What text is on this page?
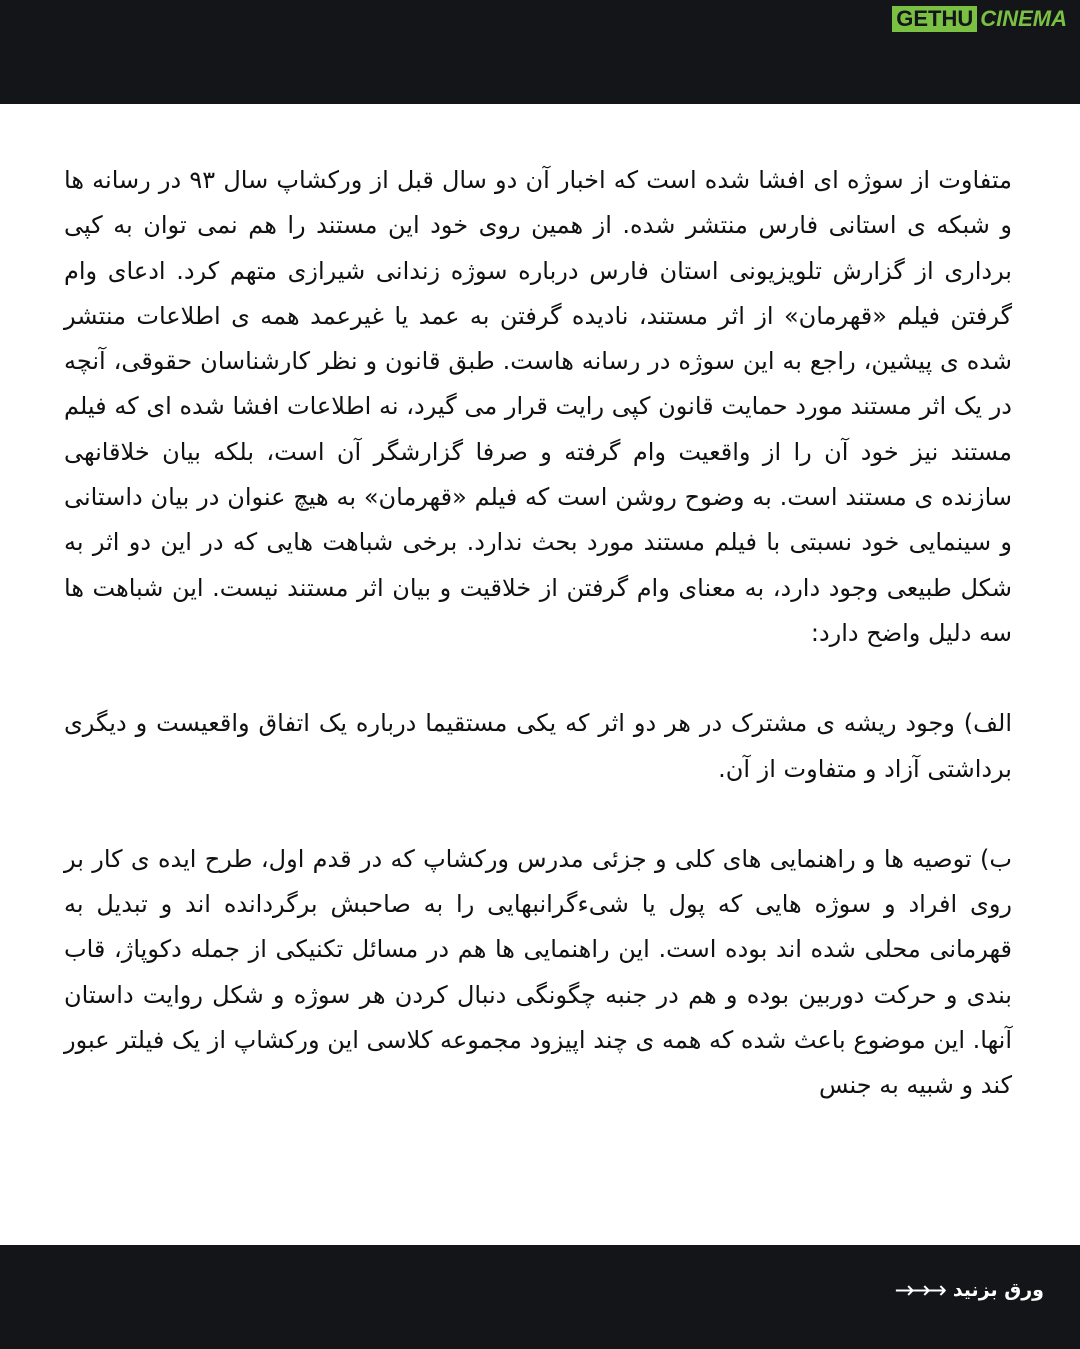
GETHU CINEMA

متفاوت از سوژه ای افشا شده است که اخبار آن دو سال قبل از ورکشاپ سال ۹۳ در رسانه ها و شبکه ی استانی فارس منتشر شده. از همین روی خود این مستند را هم نمی توان به کپی برداری از گزارش تلویزیونی استان فارس درباره سوژه زندانی شیرازی متهم کرد. ادعای وام گرفتن فیلم «قهرمان» از اثر مستند، نادیده گرفتن به عمد یا غیرعمد همه ی اطلاعات منتشر شده ی پیشین، راجع به این سوژه در رسانه هاست. طبق قانون و نظر کارشناسان حقوقی، آنچه در یک اثر مستند مورد حمایت قانون کپی رایت قرار می گیرد، نه اطلاعات افشا شده ای که فیلم مستند نیز خود آن را از واقعیت وام گرفته و صرفا گزارشگر آن است، بلکه بیان خلاقانهی سازنده ی مستند است. به وضوح روشن است که فیلم «قهرمان» به هیچ عنوان در بیان داستانی و سینمایی خود نسبتی با فیلم مستند مورد بحث ندارد. برخی شباهت هایی که در این دو اثر به شکل طبیعی وجود دارد، به معنای وام گرفتن از خلاقیت و بیان اثر مستند نیست. این شباهت ها سه دلیل واضح دارد:

الف) وجود ریشه ی مشترک در هر دو اثر که یکی مستقیما درباره یک اتفاق واقعیست و دیگری برداشتی آزاد و متفاوت از آن.

ب) توصیه ها و راهنمایی های کلی و جزئی مدرس ورکشاپ که در قدم اول، طرح ایده ی کار بر روی افراد و سوژه هایی که پول یا شیءگرانبهایی را به صاحبش برگردانده اند و تبدیل به قهرمانی محلی شده اند بوده است. این راهنمایی ها هم در مسائل تکنیکی از جمله دکوپاژ، قاب بندی و حرکت دوربین بوده و هم در جنبه چگونگی دنبال کردن هر سوژه و شکل روایت داستان آنها. این موضوع باعث شده که همه ی چند اپیزود مجموعه کلاسی این ورکشاپ از یک فیلتر عبور کند و شبیه به جنس

ورق بزنید
→→→
